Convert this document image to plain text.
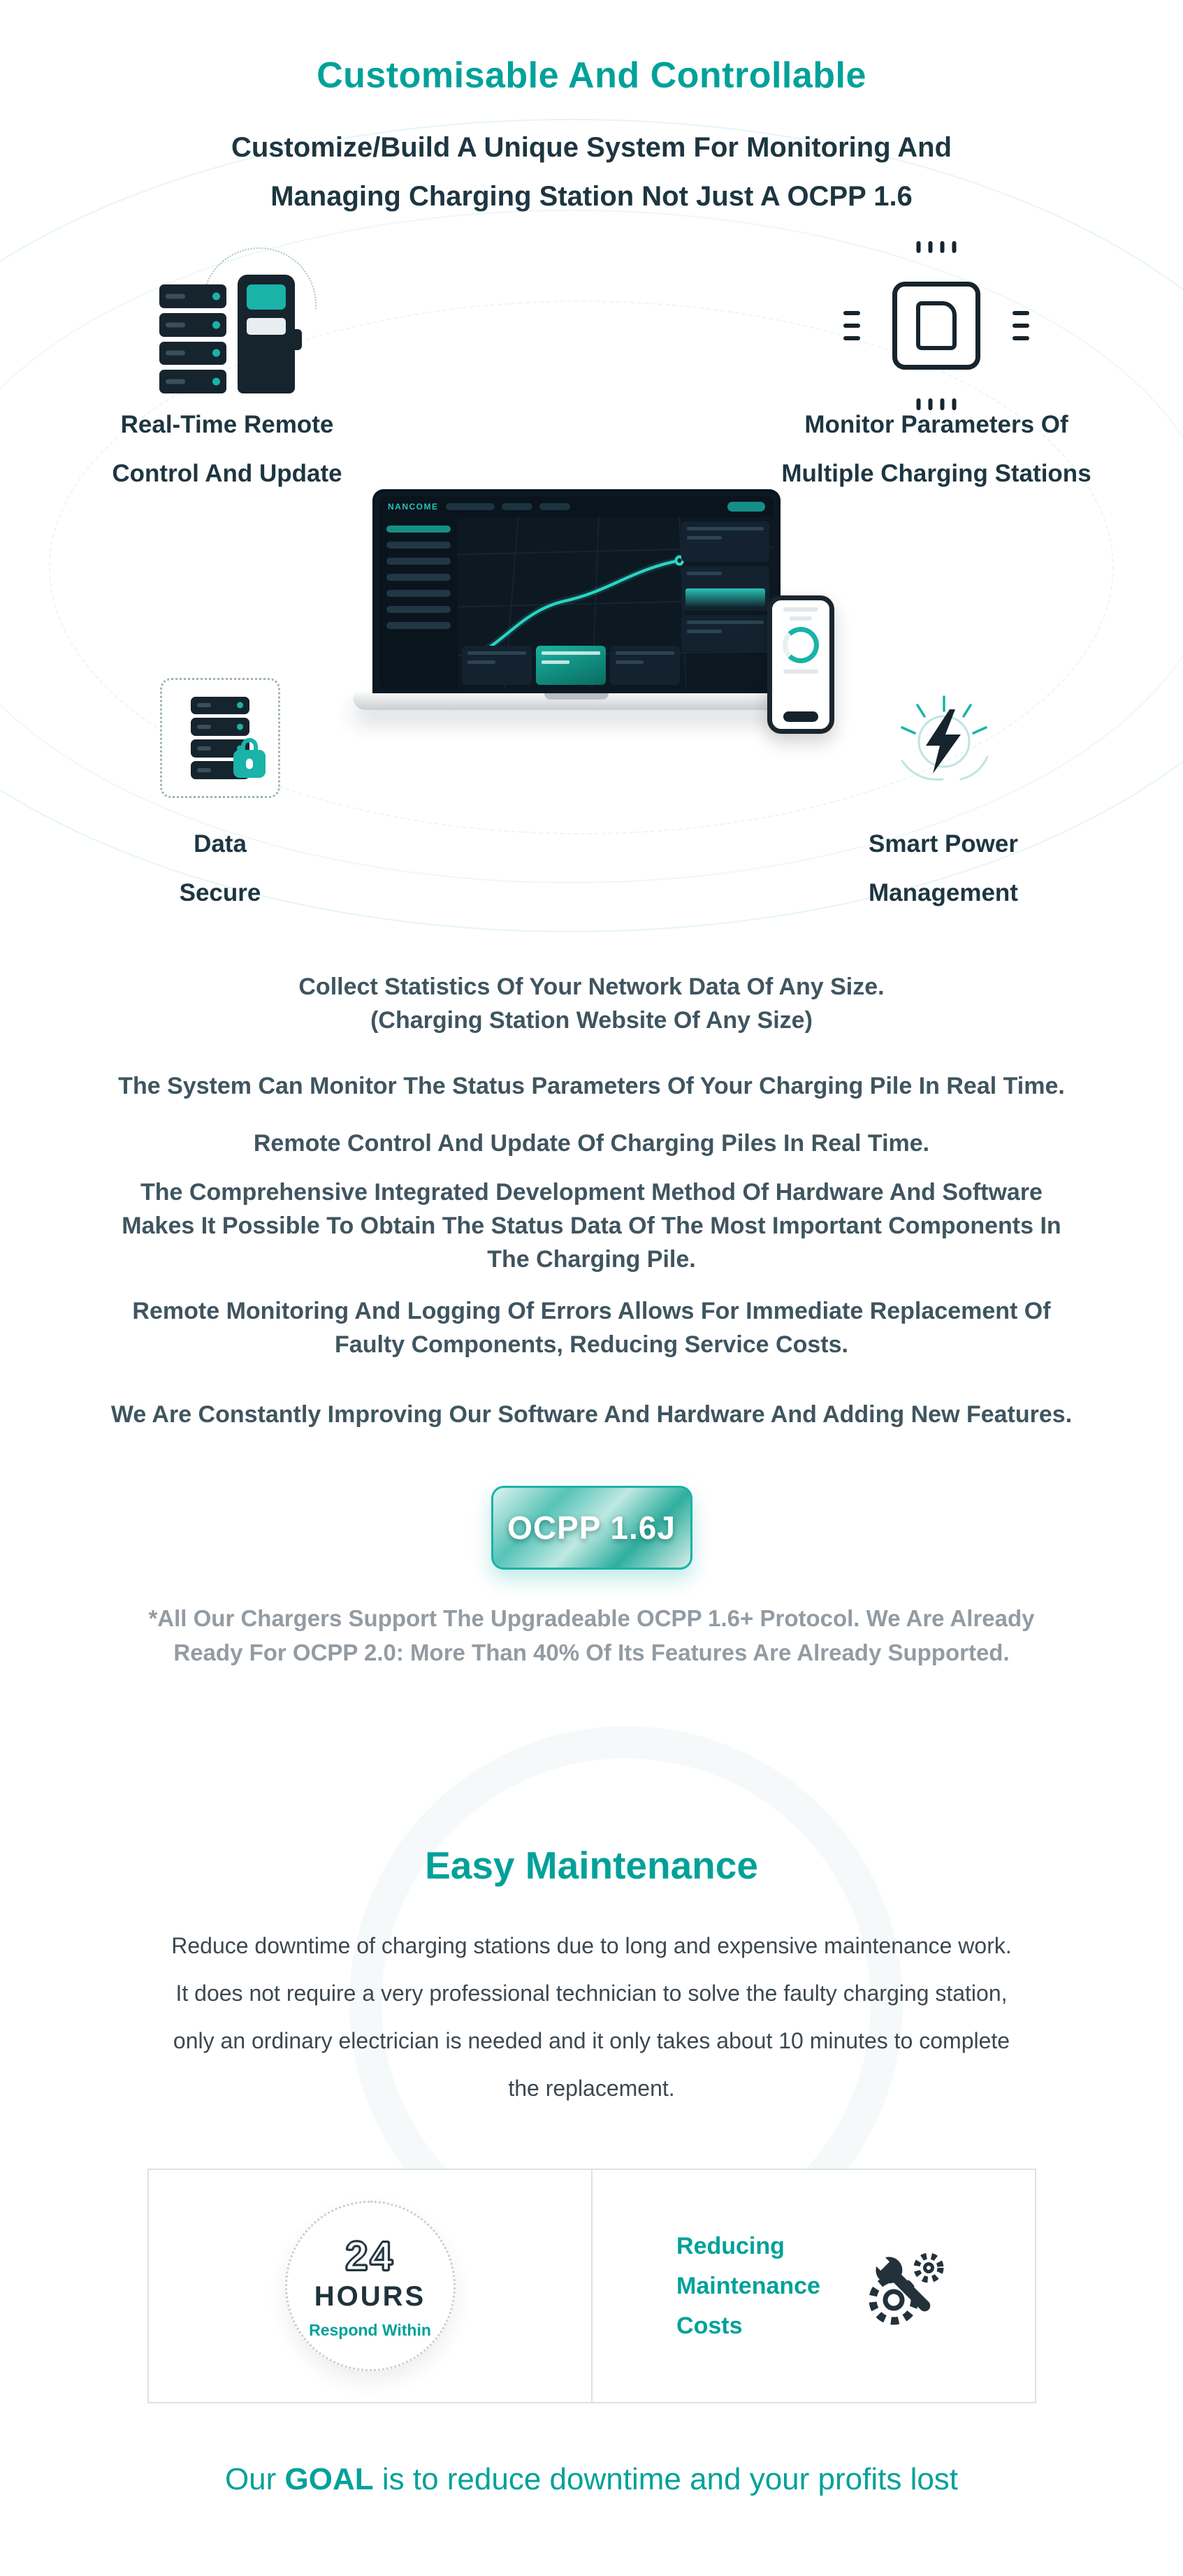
Customisable And Controllable
Customize/Build A Unique System For Monitoring And
Managing Charging Station Not Just A OCPP 1.6
Real-Time Remote
Control And Update
Monitor Parameters Of
Multiple Charging Stations
Data
Secure
Smart Power
Management
NANCOME
Collect Statistics Of Your Network Data Of Any Size.
(Charging Station Website Of Any Size)
The System Can Monitor The Status Parameters Of Your Charging Pile In Real Time.
Remote Control And Update Of Charging Piles In Real Time.
The Comprehensive Integrated Development Method Of Hardware And Software
Makes It Possible To Obtain The Status Data Of The Most Important Components In
The Charging Pile.
Remote Monitoring And Logging Of Errors Allows For Immediate Replacement Of
Faulty Components, Reducing Service Costs.
We Are Constantly Improving Our Software And Hardware And Adding New Features.
OCPP 1.6J
*All Our Chargers Support The Upgradeable OCPP 1.6+ Protocol. We Are Already
Ready For OCPP 2.0: More Than 40% Of Its Features Are Already Supported.
Easy Maintenance
Reduce downtime of charging stations due to long and expensive maintenance work.
It does not require a very professional technician to solve the faulty charging station,
only an ordinary electrician is needed and it only takes about 10 minutes to complete
the replacement.
24
HOURS
Respond Within
Reducing
Maintenance
Costs
Our GOAL is to reduce downtime and your profits lost
